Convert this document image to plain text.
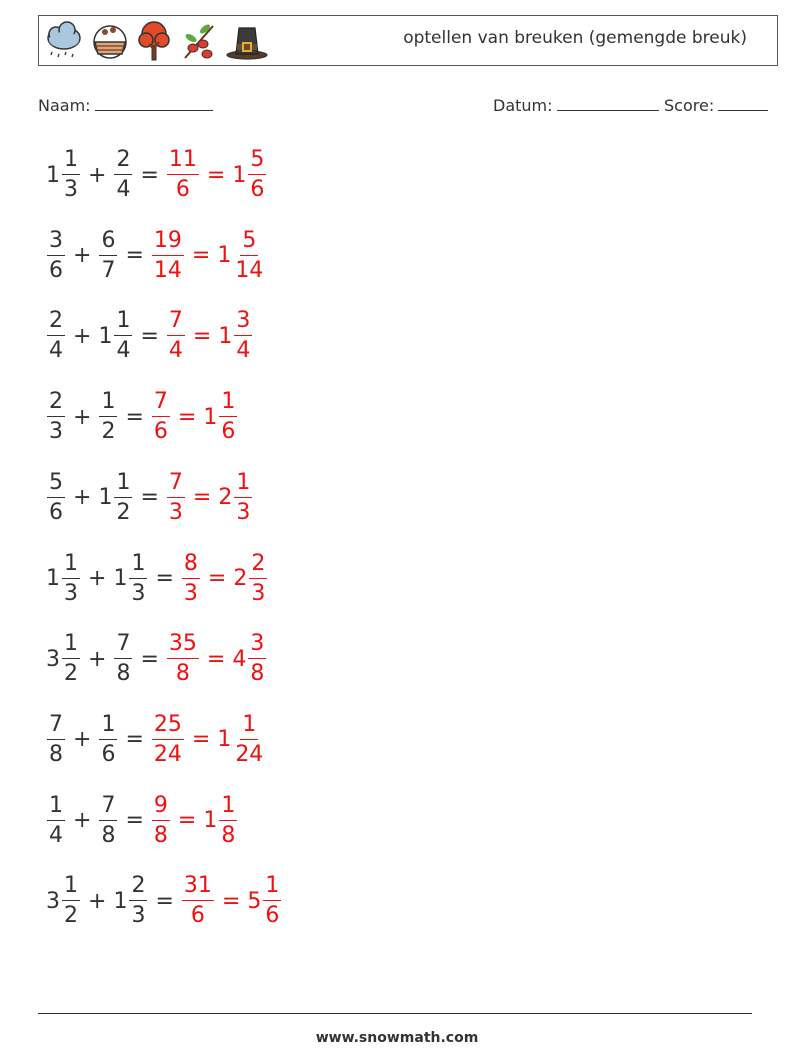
optellen van breuken (gemengde breuk)
Naam:	Datum:	Score:
$1 \frac{1}{3} + \frac{2}{4} = \frac{11}{6} = 1 \frac{5}{6}$
$\frac{3}{6} + \frac{6}{7} = \frac{19}{14} = 1 \frac{5}{14}$
$\frac{2}{4} + 1 \frac{1}{4} = \frac{7}{4} = 1 \frac{3}{4}$
$\frac{2}{3} + \frac{1}{2} = \frac{7}{6} = 1 \frac{1}{6}$
$\frac{5}{6} + 1 \frac{1}{2} = \frac{7}{3} = 2 \frac{1}{3}$
$1 \frac{1}{3} + 1 \frac{1}{3} = \frac{8}{3} = 2 \frac{2}{3}$
$3 \frac{1}{2} + \frac{7}{8} = \frac{35}{8} = 4 \frac{3}{8}$
$\frac{7}{8} + \frac{1}{6} = \frac{25}{24} = 1 \frac{1}{24}$
$\frac{1}{4} + \frac{7}{8} = \frac{9}{8} = 1 \frac{1}{8}$
$3 \frac{1}{2} + 1 \frac{2}{3} = \frac{31}{6} = 5 \frac{1}{6}$
www.snowmath.com
